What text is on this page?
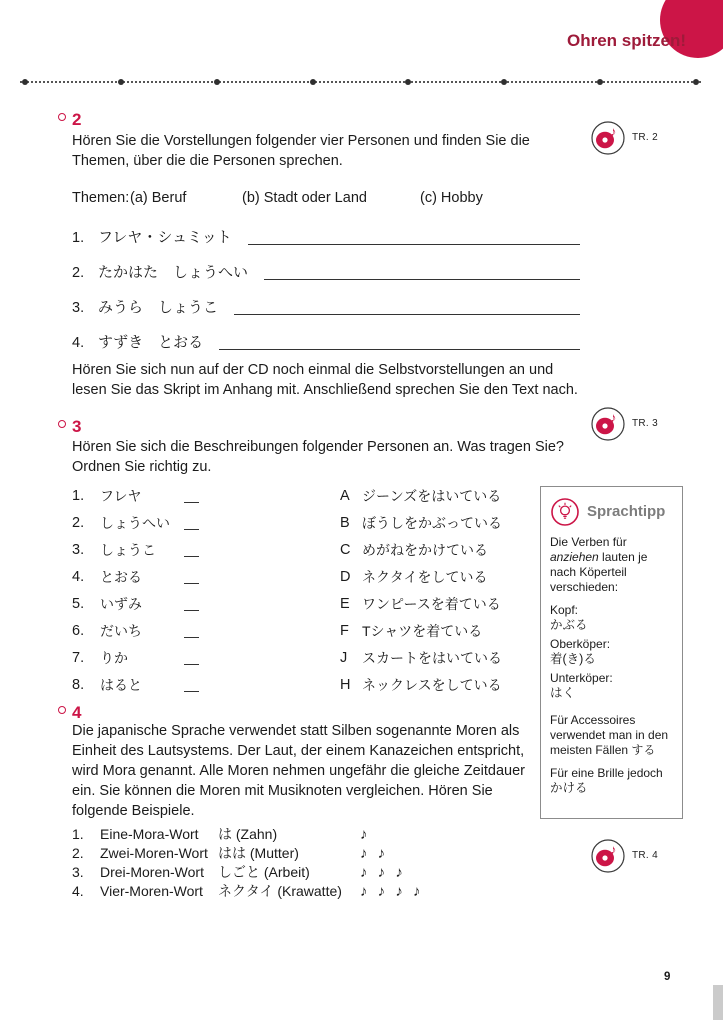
Ohren spitzen!
2

Hören Sie die Vorstellungen folgender vier Personen und finden Sie die Themen, über die die Personen sprechen.

Themen: (a) Beruf	(b) Stadt oder Land	(c) Hobby
1. フレヤ・シュミット
2. たかはた　しょうへい
3. みうら　しょうこ
4. すずき　とおる

Hören Sie sich nun auf der CD noch einmal die Selbstvorstellungen an und lesen Sie das Skript im Anhang mit. Anschließend sprechen Sie den Text nach.

3

Hören Sie sich die Beschreibungen folgender Personen an. Was tragen Sie? Ordnen Sie richtig zu.

1.	フレヤ	A ジーンズをはいている
2.	しょうへい	B ぼうしをかぶっている
3.	しょうこ	C めがねをかけている
4.	とおる	D ネクタイをしている
5.	いずみ	E ワンピースを着ている
6.	だいち	F Tシャツを着ている
7.	りか	J	スカートをはいている
8.	はると	H ネックレスをしている
Sprachtipp

Die Verben für anziehen lauten je nach Köperteil verschieden:

Kopf:
かぶる
Oberköper:
着(き)る
Unterköper:
はく

Für Accessoires verwendet man in den meisten Fällen する

Für eine Brille jedoch かける

4

Die japanische Sprache verwendet statt Silben sogenannte Moren als Einheit des Lautsystems. Der Laut, der einem Kanazeichen entspricht, wird Mora genannt. Alle Moren nehmen ungefähr die gleiche Zeitdauer ein. Sie können die Moren mit Musiknoten vergleichen. Hören Sie folgende Beispiele.

1.	Eine-Mora-Wort	は (Zahn)	♪
2.	Zwei-Moren-Wort はは (Mutter)	♪ ♪
3.	Drei-Moren-Wort	しごと (Arbeit)	♪ ♪ ♪
4.	Vier-Moren-Wort	ネクタイ (Krawatte)	♪ ♪ ♪ ♪
♪ TR. 2
♪ TR. 3
♪ TR. 4
9
